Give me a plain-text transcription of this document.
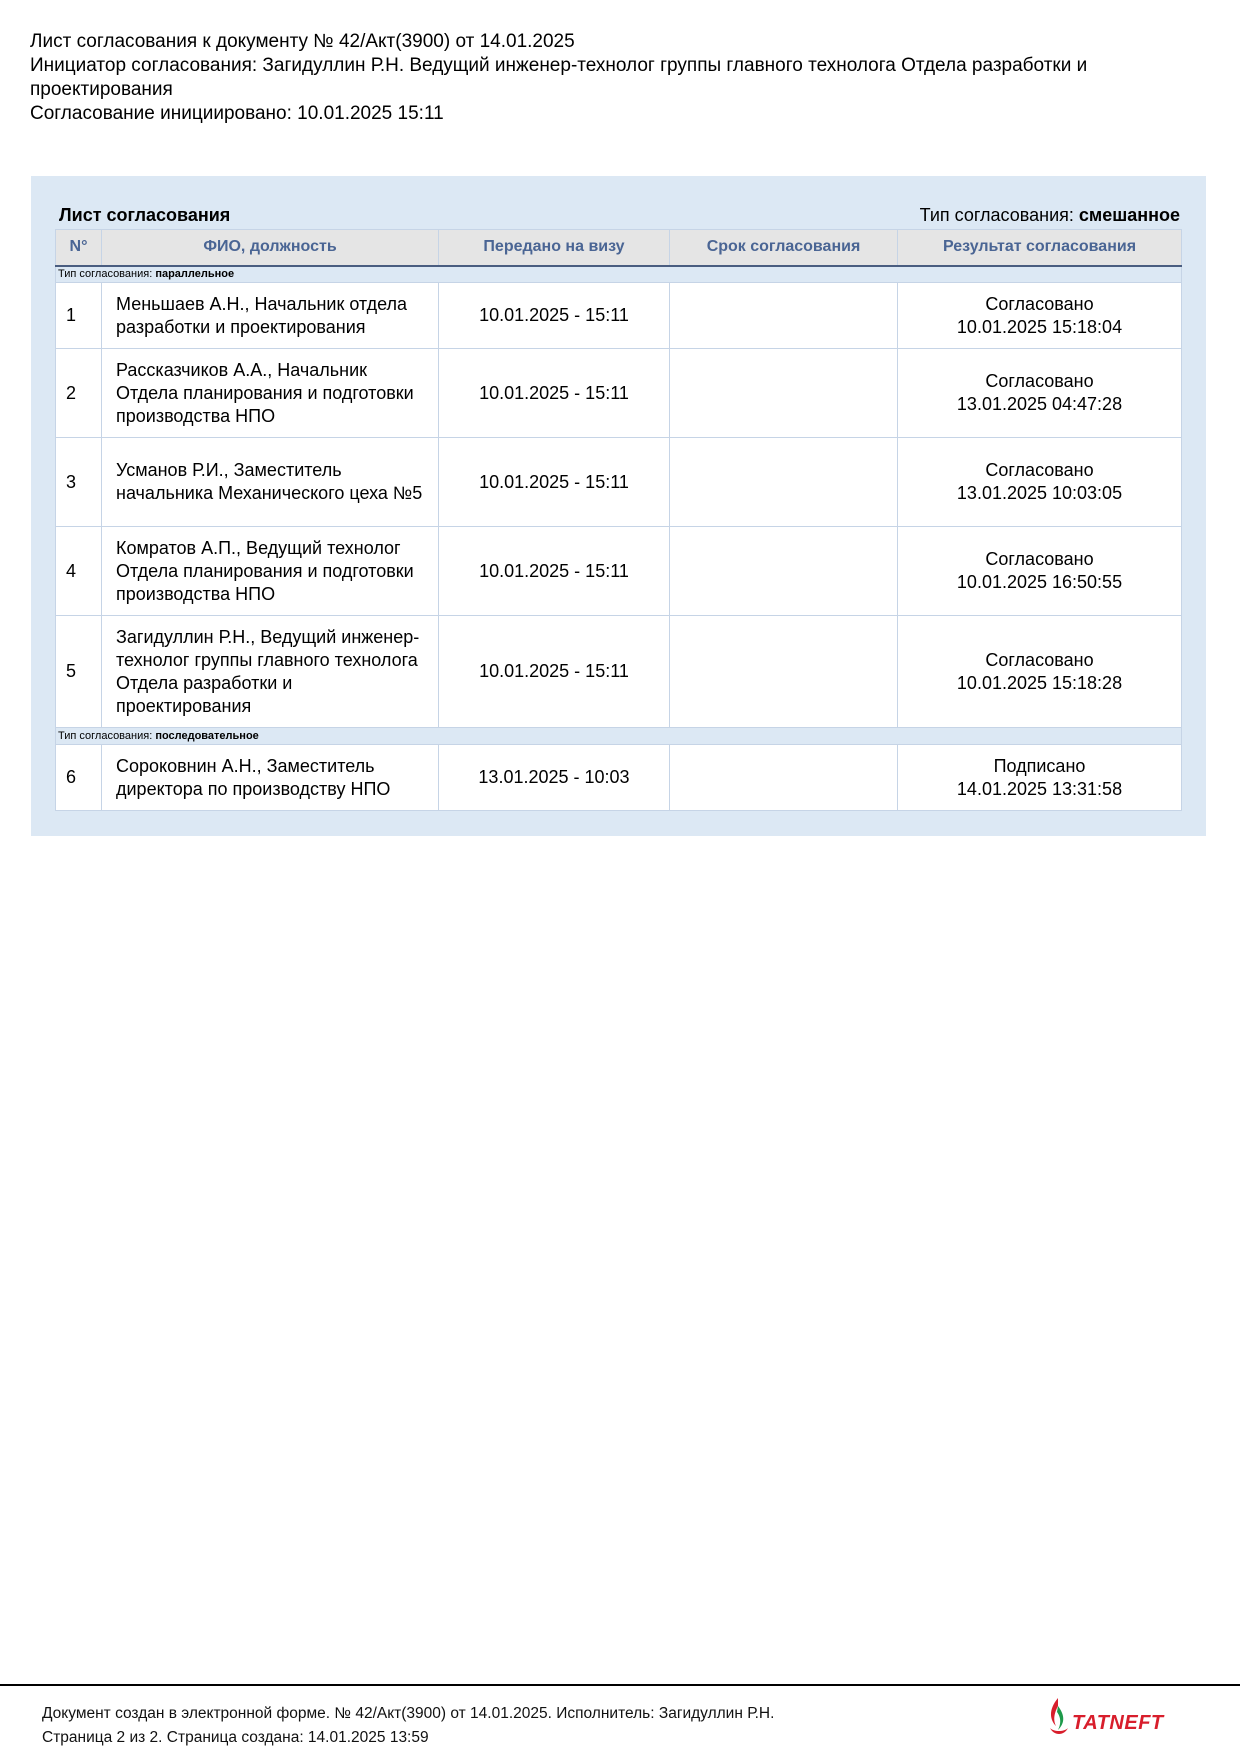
Лист согласования к документу № 42/Акт(3900) от 14.01.2025
Инициатор согласования: Загидуллин Р.Н. Ведущий инженер-технолог группы главного технолога Отдела разработки и проектирования
Согласование инициировано: 10.01.2025 15:11
Лист согласования	Тип согласования: смешанное
N°	ФИО, должность	Передано на визу	Срок согласования	Результат согласования
Тип согласования: параллельное				
1	Меньшаев А.Н., Начальник отдела разработки и проектирования	10.01.2025 - 15:11		Согласовано
10.01.2025 15:18:04

2	Рассказчиков А.А., Начальник Отдела планирования и подготовки производства НПО	10.01.2025 - 15:11		Согласовано
13.01.2025 04:47:28

3	Усманов Р.И., Заместитель начальника Механического цеха №5	10.01.2025 - 15:11		Согласовано
13.01.2025 10:03:05

4	Комратов А.П., Ведущий технолог Отдела планирования и подготовки производства НПО	10.01.2025 - 15:11		Согласовано
10.01.2025 16:50:55

5	Загидуллин Р.Н., Ведущий инженер-технолог группы главного технолога Отдела разработки и проектирования	10.01.2025 - 15:11		Согласовано
10.01.2025 15:18:28

Тип согласования: последовательное				
6	Сороковнин А.Н., Заместитель директора по производству НПО	13.01.2025 - 10:03		Подписано
14.01.2025 13:31:58
Документ создан в электронной форме. № 42/Акт(3900) от 14.01.2025. Исполнитель: Загидуллин Р.Н.
Страница 2 из 2. Страница создана: 14.01.2025 13:59
TATNEFT
